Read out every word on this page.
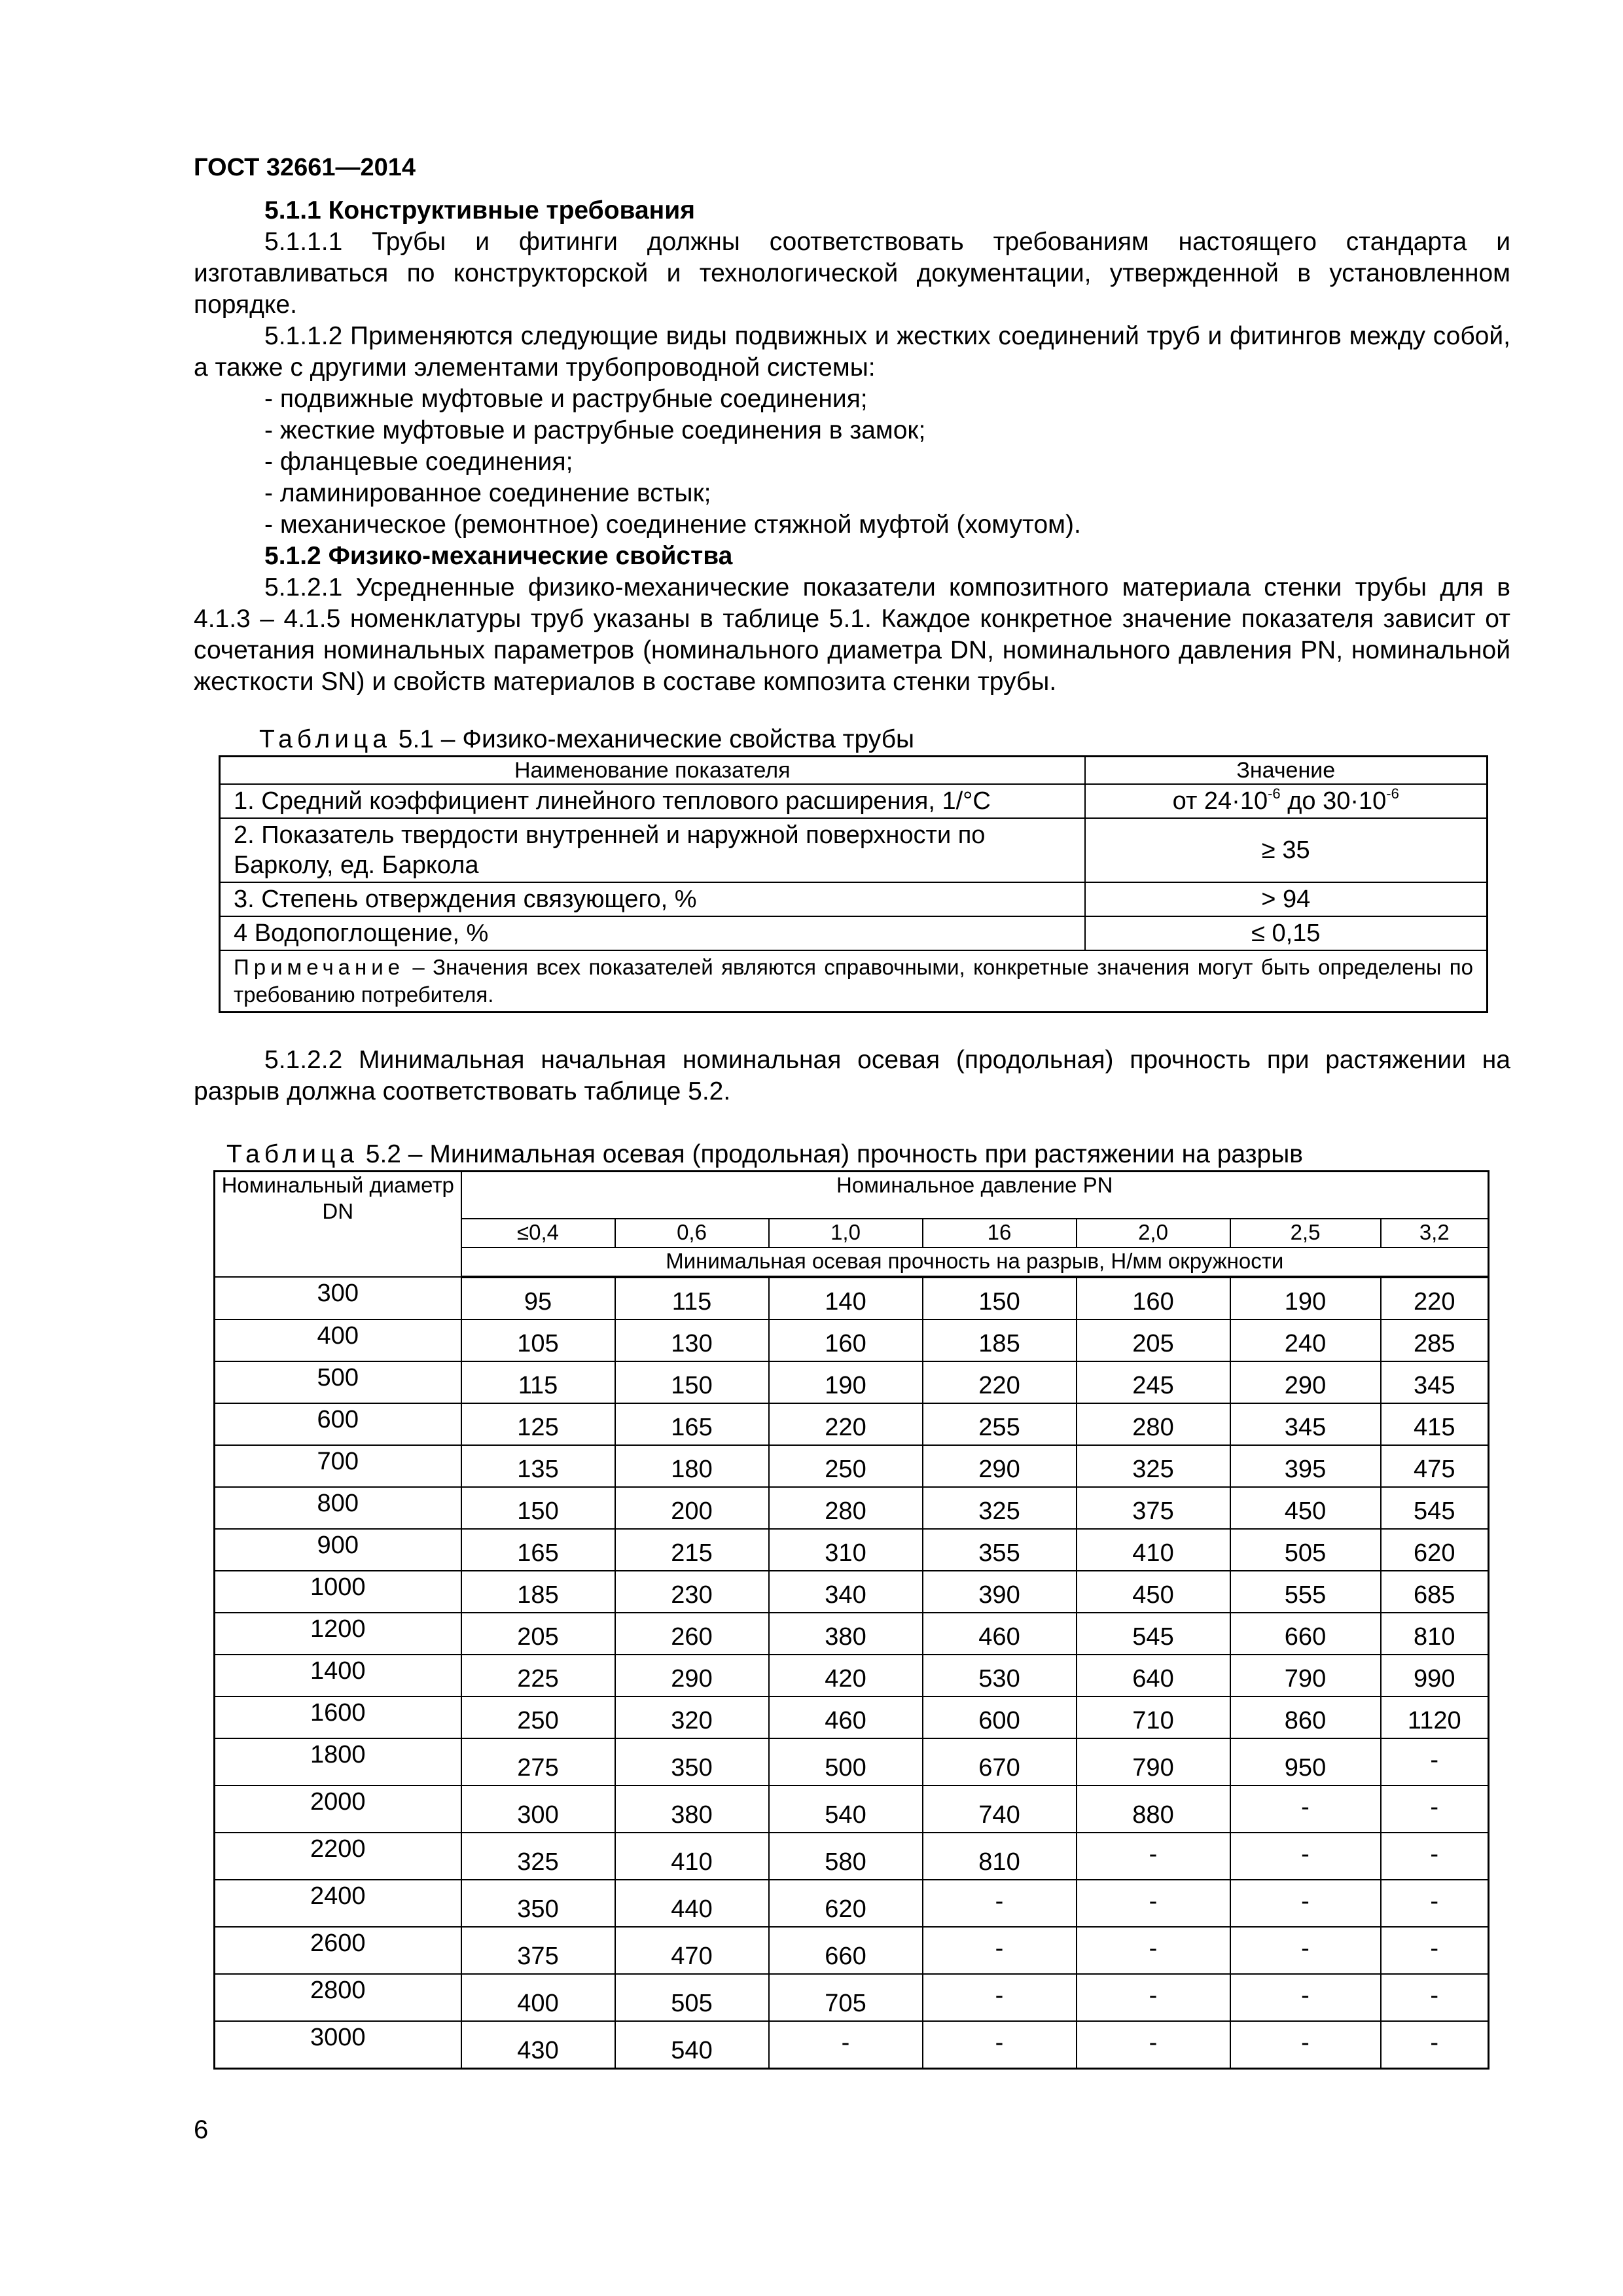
ГОСТ 32661—2014
5.1.1 Конструктивные требования
5.1.1.1 Трубы и фитинги должны соответствовать требованиям настоящего стандарта и изготавливаться по конструкторской и технологической документации, утвержденной в установленном порядке.
5.1.1.2 Применяются следующие виды подвижных и жестких соединений труб и фитингов между собой, а также с другими элементами трубопроводной системы:
- подвижные муфтовые и раструбные соединения;
- жесткие муфтовые и раструбные соединения в замок;
- фланцевые соединения;
- ламинированное соединение встык;
- механическое (ремонтное) соединение стяжной муфтой (хомутом).
5.1.2 Физико-механические свойства
5.1.2.1 Усредненные физико-механические показатели композитного материала стенки трубы для в 4.1.3 – 4.1.5 номенклатуры труб указаны в таблице 5.1. Каждое конкретное значение показателя зависит от сочетания номинальных параметров (номинального диаметра DN, номинального давления PN, номинальной жесткости SN) и свойств материалов в составе композита стенки трубы.
Таблица 5.1 – Физико-механические свойства трубы
Наименование показателя	Значение
1. Средний коэффициент линейного теплового расширения, 1/°С	от $24\cdot 10^{-6}$ до $30\cdot 10^{-6}$
2. Показатель твердости внутренней и наружной поверхности по Барколу, ед. Баркола	≥ 35
3. Степень отверждения связующего, %	> 94
4 Водопоглощение, %	≤ 0,15
Примечание – Значения всех показателей являются справочными, конкретные значения могут быть определены по требованию потребителя.	
5.1.2.2 Минимальная начальная номинальная осевая (продольная) прочность при растяжении на разрыв должна соответствовать таблице 5.2.
Таблица 5.2 – Минимальная осевая (продольная) прочность при растяжении на разрыв
Номинальный диаметр DN	Номинальное давление PN						
	≤0,4	0,6	1,0	16	2,0	2,5	3,2
	Минимальная осевая прочность на разрыв, Н/мм окружности						
300	95	115	140	150	160	190	220
400	105	130	160	185	205	240	285
500	115	150	190	220	245	290	345
600	125	165	220	255	280	345	415
700	135	180	250	290	325	395	475
800	150	200	280	325	375	450	545
900	165	215	310	355	410	505	620
1000	185	230	340	390	450	555	685
1200	205	260	380	460	545	660	810
1400	225	290	420	530	640	790	990
1600	250	320	460	600	710	860	1120
1800	275	350	500	670	790	950	-
2000	300	380	540	740	880	-	-
2200	325	410	580	810	-	-	-
2400	350	440	620	-	-	-	-
2600	375	470	660	-	-	-	-
2800	400	505	705	-	-	-	-
3000	430	540	-	-	-	-	-
6
